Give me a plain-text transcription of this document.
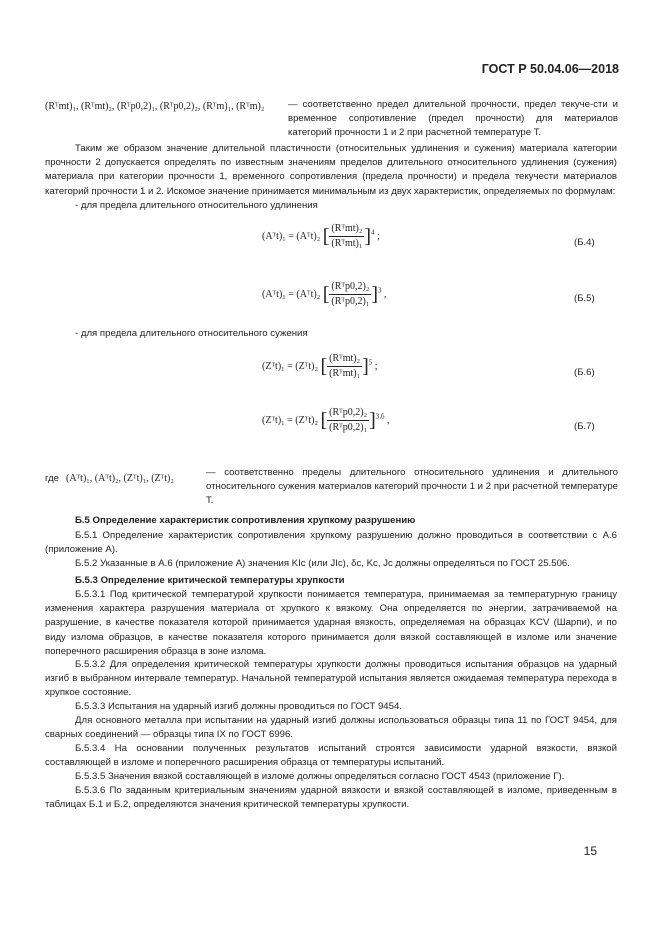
ГОСТ Р 50.04.06—2018
(Rᵀmt)₁, (Rᵀmt)₂, (Rᵀp0,2)₁, (Rᵀp0,2)₂, (Rᵀm)₁, (Rᵀm)₂	— соответственно предел длительной прочности, предел текуче-сти и временное сопротивление (предел прочности) для материалов категорий прочности 1 и 2 при расчетной температуре T.
Таким же образом значение длительной пластичности (относительных удлинения и сужения) материала категории прочности 2 допускается определять по известным значениям пределов длительного относительного удлинения (сужения) материала при категории прочности 1, временного сопротивления (предела прочности) и предела текучести материалов категорий прочности 1 и 2. Искомое значение принимается минимальным из двух характеристик, определяемых по формулам:
- для предела длительного относительного удлинения
(Aᵀt)₁ = (Aᵀt)₂ [ $\frac{\text{(Rᵀmt)₂}}{\text{(Rᵀmt)₁}} ]^4$ ;
(Б.4)
(Aᵀt)₁ = (Aᵀt)₂ [ $\frac{\text{(Rᵀp0,2)₂}}{\text{(Rᵀp0,2)₁}} ]^3$ ,	(Б.5)
- для предела длительного относительного сужения
(Zᵀt)₁ = (Zᵀt)₂ [ $\frac{\text{(Rᵀmt)₂}}{\text{(Rᵀmt)₁}} ]^5$ ;
(Б.6)
(Zᵀt)₁ = (Zᵀt)₂ [ $\frac{\text{(Rᵀp0,2)₂}}{\text{(Rᵀp0,2)₁}} ]^{3,6}$ ,
(Б.7)
где (Aᵀt)₁, (Aᵀt)₂, (Zᵀt)₁, (Zᵀt)₂
— соответственно пределы длительного относительного удлинения и длительного относительного сужения материалов категорий прочности 1 и 2 при расчетной температуре T.
Б.5 Определение характеристик сопротивления хрупкому разрушению
Б.5.1 Определение характеристик сопротивления хрупкому разрушению должно проводиться в соответствии с А.6 (приложение А).
Б.5.2 Указанные в А.6 (приложение А) значения KIc (или JIc), δc, Kc, Jc должны определяться по ГОСТ 25.506.
Б.5.3 Определение критической температуры хрупкости
Б.5.3.1 Под критической температурой хрупкости понимается температура, принимаемая за температурную границу изменения характера разрушения материала от хрупкого к вязкому. Она определяется по энергии, затрачиваемой на разрушение, в качестве показателя которой принимается ударная вязкость, определяемая на образцах KCV (Шарпи), и по виду излома образцов, в качестве показателя которого принимается доля вязкой составляющей в изломе или значение поперечного расширения образца в зоне излома.
Б.5.3.2 Для определения критической температуры хрупкости должны проводиться испытания образцов на ударный изгиб в выбранном интервале температур. Начальной температурой испытания является ожидаемая температура перехода в хрупкое состояние.
Б.5.3.3 Испытания на ударный изгиб должны проводиться по ГОСТ 9454.
Для основного металла при испытании на ударный изгиб должны использоваться образцы типа 11 по ГОСТ 9454, для сварных соединений — образцы типа IX по ГОСТ 6996.
Б.5.3.4 На основании полученных результатов испытаний строятся зависимости ударной вязкости, вязкой составляющей в изломе и поперечного расширения образца от температуры испытаний.
Б.5.3.5 Значения вязкой составляющей в изломе должны определяться согласно ГОСТ 4543 (приложение Г).
Б.5.3.6 По заданным критериальным значениям ударной вязкости и вязкой составляющей в изломе, приведенным в таблицах Б.1 и Б.2, определяются значения критической температуры хрупкости.
15
